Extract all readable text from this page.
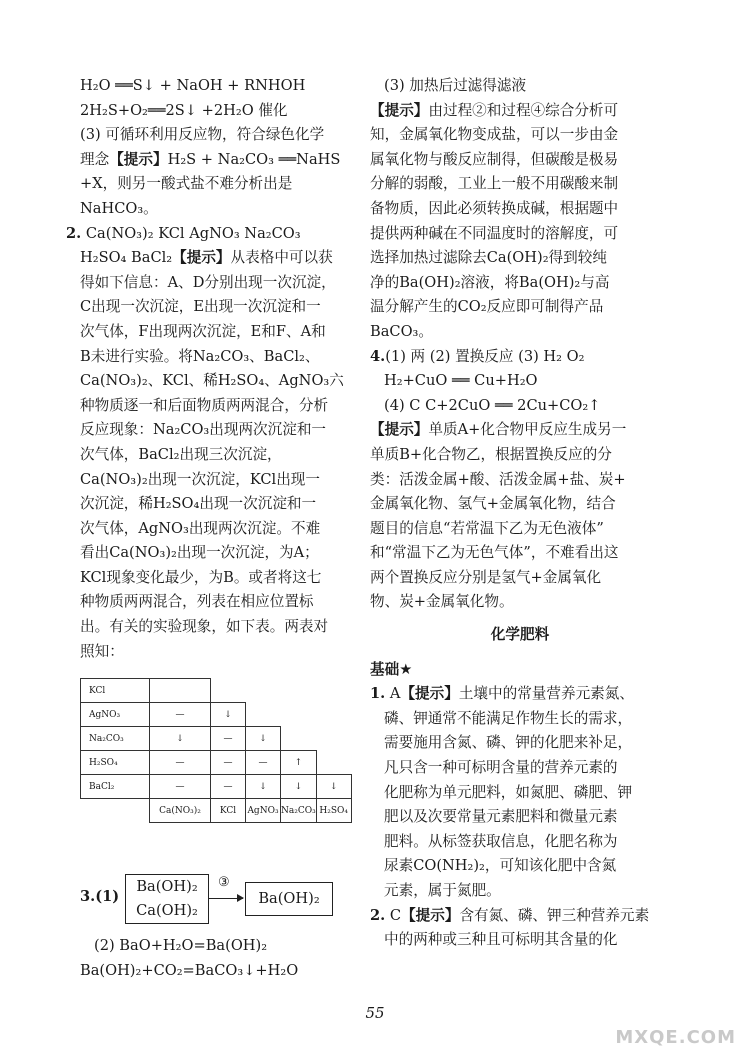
H₂O ══S↓ + NaOH + RNHOH
2H₂S+O₂══2S↓ +2H₂O 催化
(3) 可循环利用反应物，符合绿色化学
理念【提示】H₂S + Na₂CO₃ ══NaHS
+X，则另一酸式盐不难分析出是
NaHCO₃。
2. Ca(NO₃)₂ KCl AgNO₃ Na₂CO₃
H₂SO₄ BaCl₂【提示】从表格中可以获
得如下信息：A、D分别出现一次沉淀，
C出现一次沉淀，E出现一次沉淀和一
次气体，F出现两次沉淀，E和F、A和
B未进行实验。将Na₂CO₃、BaCl₂、
Ca(NO₃)₂、KCl、稀H₂SO₄、AgNO₃六
种物质逐一和后面物质两两混合，分析
反应现象：Na₂CO₃出现两次沉淀和一
次气体，BaCl₂出现三次沉淀，
Ca(NO₃)₂出现一次沉淀，KCl出现一
次沉淀，稀H₂SO₄出现一次沉淀和一
次气体，AgNO₃出现两次沉淀。不难
看出Ca(NO₃)₂出现一次沉淀，为A；
KCl现象变化最少，为B。或者将这七
种物质两两混合，列表在相应位置标
出。有关的实验现象，如下表。两表对
照知：
KCl					
AgNO₃	—	↓			
Na₂CO₃	↓	—	↓		
H₂SO₄	—	—	—	↑	
BaCl₂	—	—	↓	↓	↓
	Ca(NO₃)₂	KCl	AgNO₃	Na₂CO₃	H₂SO₄
3.(1)
Ba(OH)₂
Ca(OH)₂
③
Ba(OH)₂
(2) BaO+H₂O=Ba(OH)₂
Ba(OH)₂+CO₂=BaCO₃↓+H₂O
(3) 加热后过滤得滤液
【提示】由过程②和过程④综合分析可
知，金属氧化物变成盐，可以一步由金
属氧化物与酸反应制得，但碳酸是极易
分解的弱酸，工业上一般不用碳酸来制
备物质，因此必须转换成碱，根据题中
提供两种碱在不同温度时的溶解度，可
选择加热过滤除去Ca(OH)₂得到较纯
净的Ba(OH)₂溶液，将Ba(OH)₂与高
温分解产生的CO₂反应即可制得产品
BaCO₃。
4.(1) 两 (2) 置换反应 (3) H₂ O₂
H₂+CuO ══ Cu+H₂O
(4) C C+2CuO ══ 2Cu+CO₂↑
【提示】单质A+化合物甲反应生成另一
单质B+化合物乙，根据置换反应的分
类：活泼金属+酸、活泼金属+盐、炭+
金属氧化物、氢气+金属氧化物，结合
题目的信息“若常温下乙为无色液体”
和“常温下乙为无色气体”，不难看出这
两个置换反应分别是氢气+金属氧化
物、炭+金属氧化物。
化学肥料
基础★
1. A【提示】土壤中的常量营养元素氮、
磷、钾通常不能满足作物生长的需求，
需要施用含氮、磷、钾的化肥来补足，
凡只含一种可标明含量的营养元素的
化肥称为单元肥料，如氮肥、磷肥、钾
肥以及次要常量元素肥料和微量元素
肥料。从标签获取信息，化肥名称为
尿素CO(NH₂)₂，可知该化肥中含氮
元素，属于氮肥。
2. C【提示】含有氮、磷、钾三种营养元素
中的两种或三种且可标明其含量的化
55
MXQE.COM
